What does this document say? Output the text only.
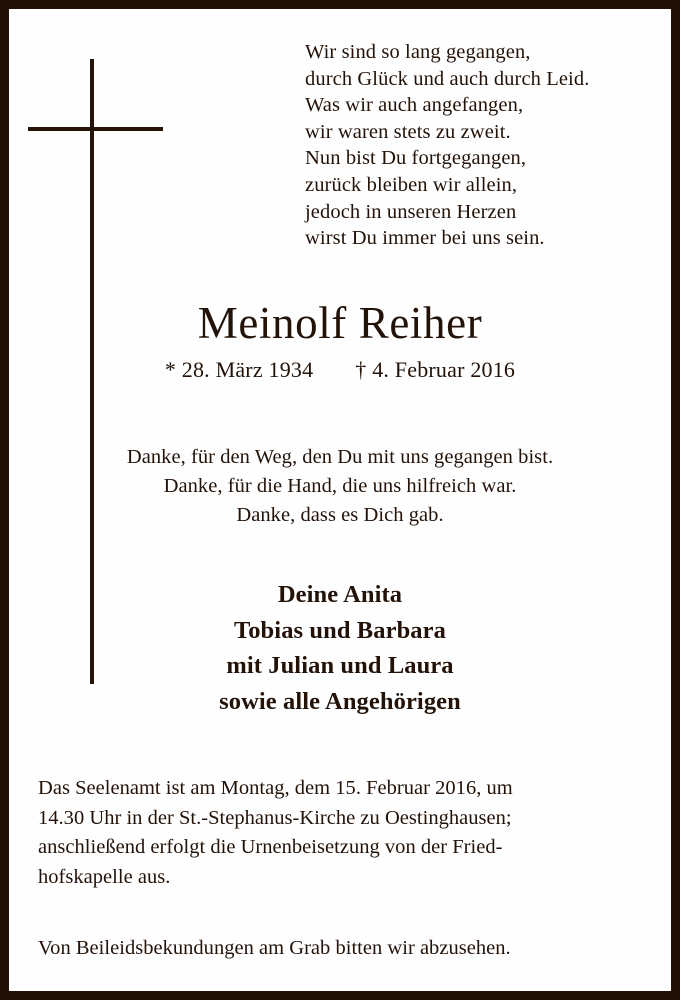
Wir sind so lang gegangen,
durch Glück und auch durch Leid.
Was wir auch angefangen,
wir waren stets zu zweit.
Nun bist Du fortgegangen,
zurück bleiben wir allein,
jedoch in unseren Herzen
wirst Du immer bei uns sein.
Meinolf Reiher
* 28. März 1934 † 4. Februar 2016
Danke, für den Weg, den Du mit uns gegangen bist.
Danke, für die Hand, die uns hilfreich war.
Danke, dass es Dich gab.
Deine Anita
Tobias und Barbara
mit Julian und Laura
sowie alle Angehörigen
Das Seelenamt ist am Montag, dem 15. Februar 2016, um
14.30 Uhr in der St.-Stephanus-Kirche zu Oestinghausen;
anschließend erfolgt die Urnenbeisetzung von der Fried-
hofskapelle aus.
Von Beileidsbekundungen am Grab bitten wir abzusehen.
